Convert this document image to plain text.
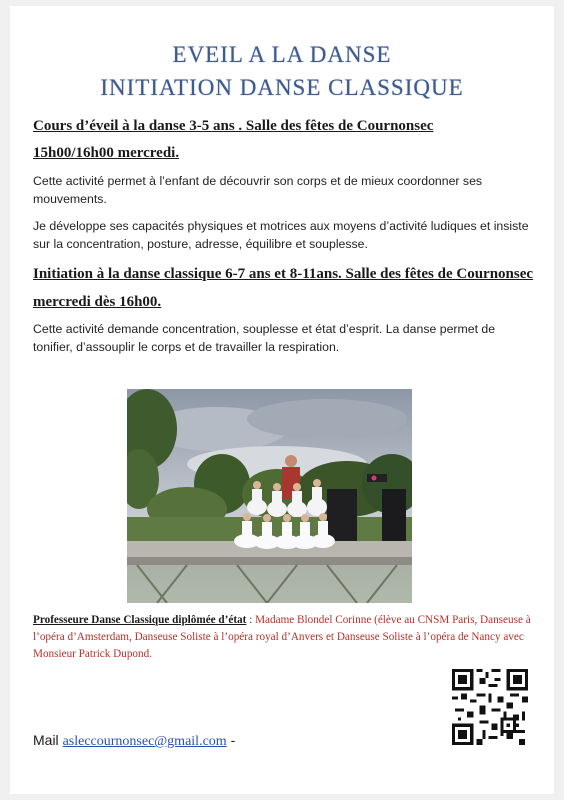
EVEIL A LA DANSE
INITIATION DANSE CLASSIQUE
Cours d’éveil à la danse 3-5 ans . Salle des fêtes de Cournonsec
15h00/16h00 mercredi.
Cette activité permet à l’enfant de découvrir son corps et de mieux coordonner ses mouvements.
Je développe ses capacités physiques et motrices aux moyens d’activité ludiques et insiste sur la concentration, posture, adresse, équilibre et souplesse.
Initiation à la danse classique 6-7 ans et 8-11ans. Salle des fêtes de Cournonsec
mercredi dès 16h00.
Cette activité demande concentration, souplesse et état d’esprit. La danse permet de tonifier, d’assouplir le corps et de travailler la respiration.
Professeure Danse Classique diplômée d’état : Madame Blondel Corinne (élève au CNSM Paris, Danseuse à l’opéra d’Amsterdam, Danseuse Soliste à l’opéra royal d’Anvers et Danseuse Soliste à l’opéra de Nancy avec Monsieur Patrick Dupond.
Mail asleccournonsec@gmail.com -
